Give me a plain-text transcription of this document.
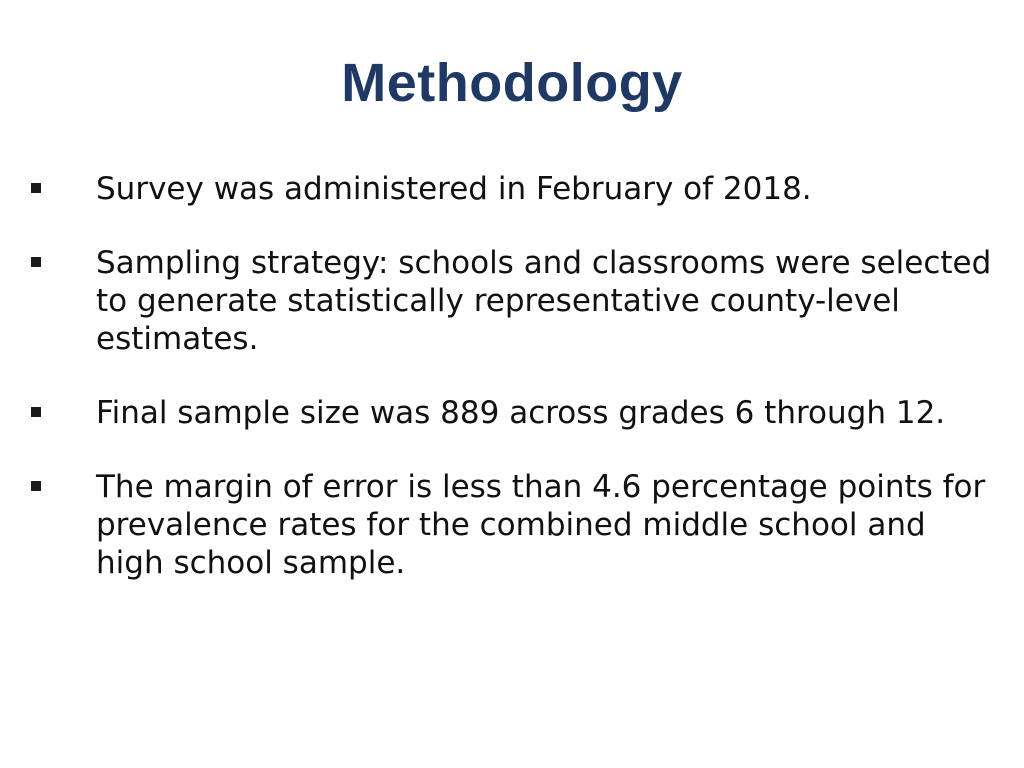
Methodology
Survey was administered in February of 2018.
Sampling strategy: schools and classrooms were selected to generate statistically representative county-level estimates.
Final sample size was 889 across grades 6 through 12.
The margin of error is less than 4.6 percentage points for prevalence rates for the combined middle school and high school sample.
